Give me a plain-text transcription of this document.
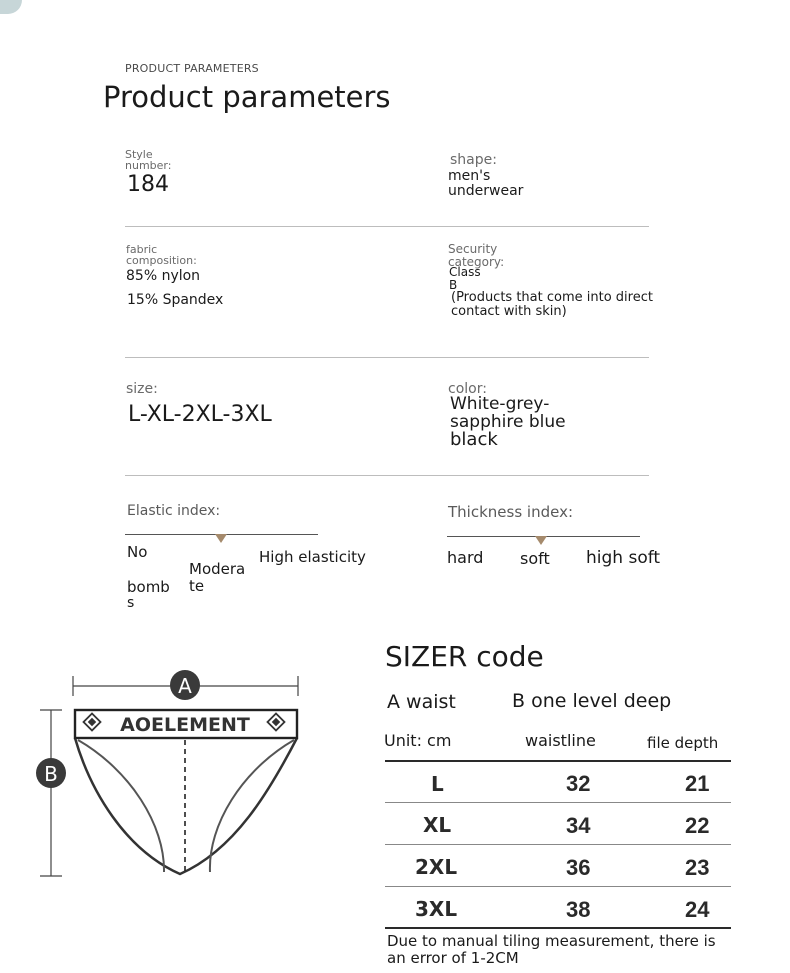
PRODUCT PARAMETERS
Product parameters
Style number:
184
shape:
men's
underwear
fabric
composition:
85% nylon
15% Spandex
Security
category:
Class
B
(Products that come into direct
contact with skin)
size:
L-XL-2XL-3XL
color:
White-grey-
sapphire blue
black
Elastic index:
No
bomb
s
Modera
te
High elasticity
Thickness index:
hard soft high soft
AOELEMENT
A
B
SIZER code
A waist	B one level deep
Unit: cm	waistline	file depth
L	32	21
XL	34	22
2XL	36	23
3XL	38	24
Due to manual tiling measurement, there is
an error of 1-2CM
